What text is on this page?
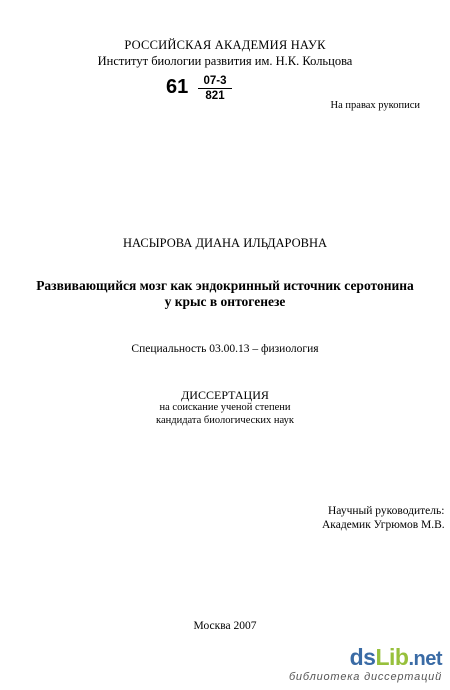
РОССИЙСКАЯ АКАДЕМИЯ НАУК
Институт биологии развития им. Н.К. Кольцова
61	07-3
821
На правах рукописи
НАСЫРОВА ДИАНА ИЛЬДАРОВНА
Развивающийся мозг как эндокринный источник серотонина
у крыс в онтогенезе
Специальность 03.00.13 – физиология
ДИССЕРТАЦИЯ
на соискание ученой степени
кандидата биологических наук
Научный руководитель:
Академик Угрюмов М.В.
Москва 2007
dsLib.net
библиотека диссертаций
